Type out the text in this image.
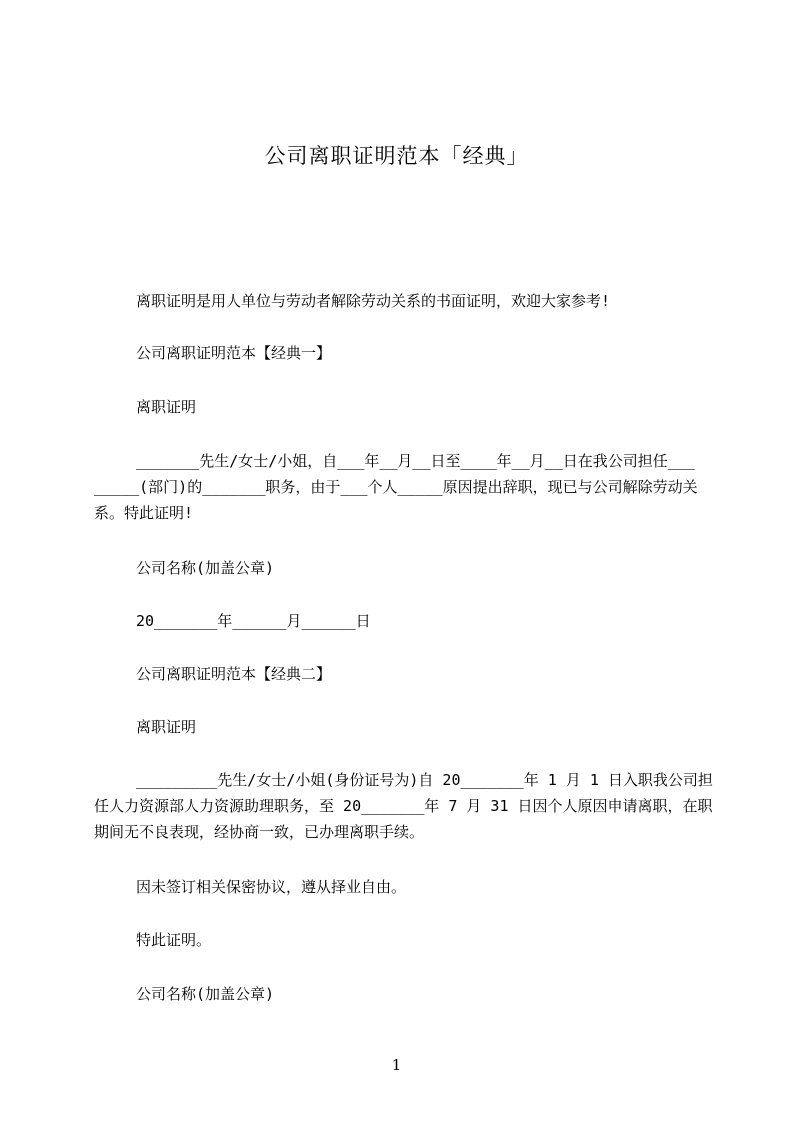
公司离职证明范本「经典」

离职证明是用人单位与劳动者解除劳动关系的书面证明，欢迎大家参考!

公司离职证明范本【经典一】

离职证明

_______先生/女士/小姐，自___年__月__日至____年__月__日在我公司担任___ _____(部门)的_______职务，由于___个人_____原因提出辞职，现已与公司解除劳动关系。特此证明!

公司名称(加盖公章)

20_______年______月______日

公司离职证明范本【经典二】

离职证明

_________先生/女士/小姐(身份证号为)自 20_______年 1 月 1 日入职我公司担 任人力资源部人力资源助理职务，至 20_______年 7 月 31 日因个人原因申请离职，在职期间无不良表现，经协商一致，已办理离职手续。

因未签订相关保密协议，遵从择业自由。

特此证明。

公司名称(加盖公章)

1
